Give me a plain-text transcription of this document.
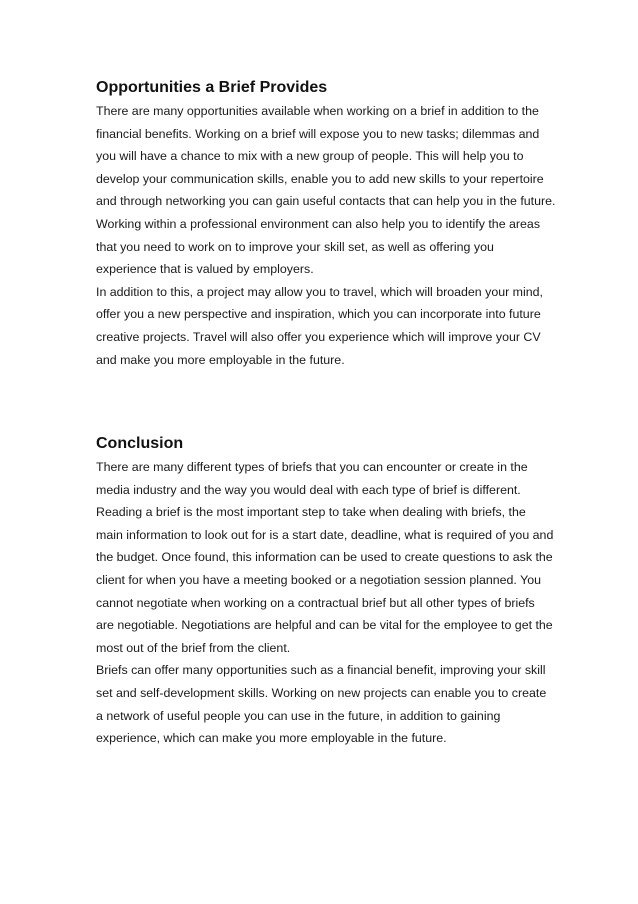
Opportunities a Brief Provides

There are many opportunities available when working on a brief in addition to the financial benefits. Working on a brief will expose you to new tasks; dilemmas and you will have a chance to mix with a new group of people. This will help you to develop your communication skills, enable you to add new skills to your repertoire and through networking you can gain useful contacts that can help you in the future.

Working within a professional environment can also help you to identify the areas that you need to work on to improve your skill set, as well as offering you experience that is valued by employers.

In addition to this, a project may allow you to travel, which will broaden your mind, offer you a new perspective and inspiration, which you can incorporate into future creative projects. Travel will also offer you experience which will improve your CV and make you more employable in the future.

Conclusion

There are many different types of briefs that you can encounter or create in the media industry and the way you would deal with each type of brief is different. Reading a brief is the most important step to take when dealing with briefs, the main information to look out for is a start date, deadline, what is required of you and the budget. Once found, this information can be used to create questions to ask the client for when you have a meeting booked or a negotiation session planned. You cannot negotiate when working on a contractual brief but all other types of briefs are negotiable. Negotiations are helpful and can be vital for the employee to get the most out of the brief from the client.

Briefs can offer many opportunities such as a financial benefit, improving your skill set and self-development skills. Working on new projects can enable you to create a network of useful people you can use in the future, in addition to gaining experience, which can make you more employable in the future.
